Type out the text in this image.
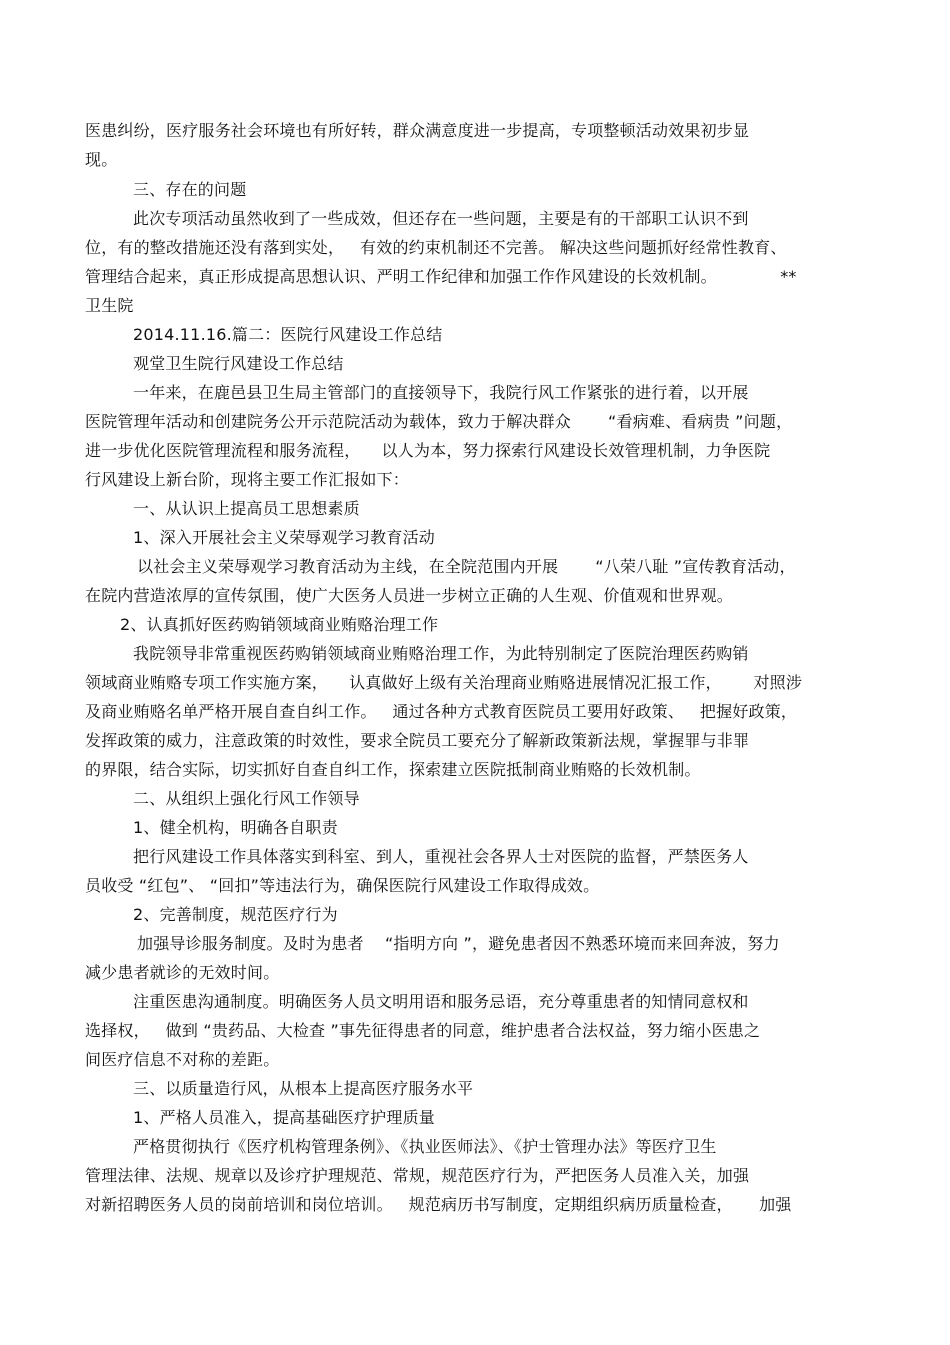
医患纠纷，医疗服务社会环境也有所好转，群众满意度进一步提高，专项整顿活动效果初步显
现。
三、存在的问题
此次专项活动虽然收到了一些成效，但还存在一些问题，主要是有的干部职工认识不到
位，有的整改措施还没有落到实处，   有效的约束机制还不完善。 解决这些问题抓好经常性教育、
管理结合起来，真正形成提高思想认识、严明工作纪律和加强工作作风建设的长效机制。            **
卫生院
2014.11.16.篇二：医院行风建设工作总结
观堂卫生院行风建设工作总结
一年来，在鹿邑县卫生局主管部门的直接领导下，我院行风工作紧张的进行着，以开展
医院管理年活动和创建院务公开示范院活动为载体，致力于解决群众       “看病难、看病贵 ”问题，
进一步优化医院管理流程和服务流程，    以人为本，努力探索行风建设长效管理机制，力争医院
行风建设上新台阶，现将主要工作汇报如下：
一、从认识上提高员工思想素质
1、深入开展社会主义荣辱观学习教育活动
以社会主义荣辱观学习教育活动为主线，在全院范围内开展       “八荣八耻 ”宣传教育活动，
在院内营造浓厚的宣传氛围，使广大医务人员进一步树立正确的人生观、价值观和世界观。
2、认真抓好医药购销领域商业贿赂治理工作
我院领导非常重视医药购销领域商业贿赂治理工作，为此特别制定了医院治理医药购销
领域商业贿赂专项工作实施方案，    认真做好上级有关治理商业贿赂进展情况汇报工作，      对照涉
及商业贿赂名单严格开展自查自纠工作。   通过各种方式教育医院员工要用好政策、   把握好政策，
发挥政策的威力，注意政策的时效性，要求全院员工要充分了解新政策新法规，掌握罪与非罪
的界限，结合实际，切实抓好自查自纠工作，探索建立医院抵制商业贿赂的长效机制。
二、从组织上强化行风工作领导
1、健全机构，明确各自职责
把行风建设工作具体落实到科室、到人，重视社会各界人士对医院的监督，严禁医务人
员收受 “红包”、 “回扣”等违法行为，确保医院行风建设工作取得成效。
2、完善制度，规范医疗行为
加强导诊服务制度。及时为患者    “指明方向 ”，避免患者因不熟悉环境而来回奔波，努力
减少患者就诊的无效时间。
注重医患沟通制度。明确医务人员文明用语和服务忌语，充分尊重患者的知情同意权和
选择权，   做到 “贵药品、大检查 ”事先征得患者的同意，维护患者合法权益，努力缩小医患之
间医疗信息不对称的差距。
三、以质量造行风，从根本上提高医疗服务水平
1、严格人员准入，提高基础医疗护理质量
严格贯彻执行《医疗机构管理条例》、《执业医师法》、《护士管理办法》等医疗卫生
管理法律、法规、规章以及诊疗护理规范、常规，规范医疗行为，严把医务人员准入关，加强
对新招聘医务人员的岗前培训和岗位培训。   规范病历书写制度，定期组织病历质量检查，     加强
